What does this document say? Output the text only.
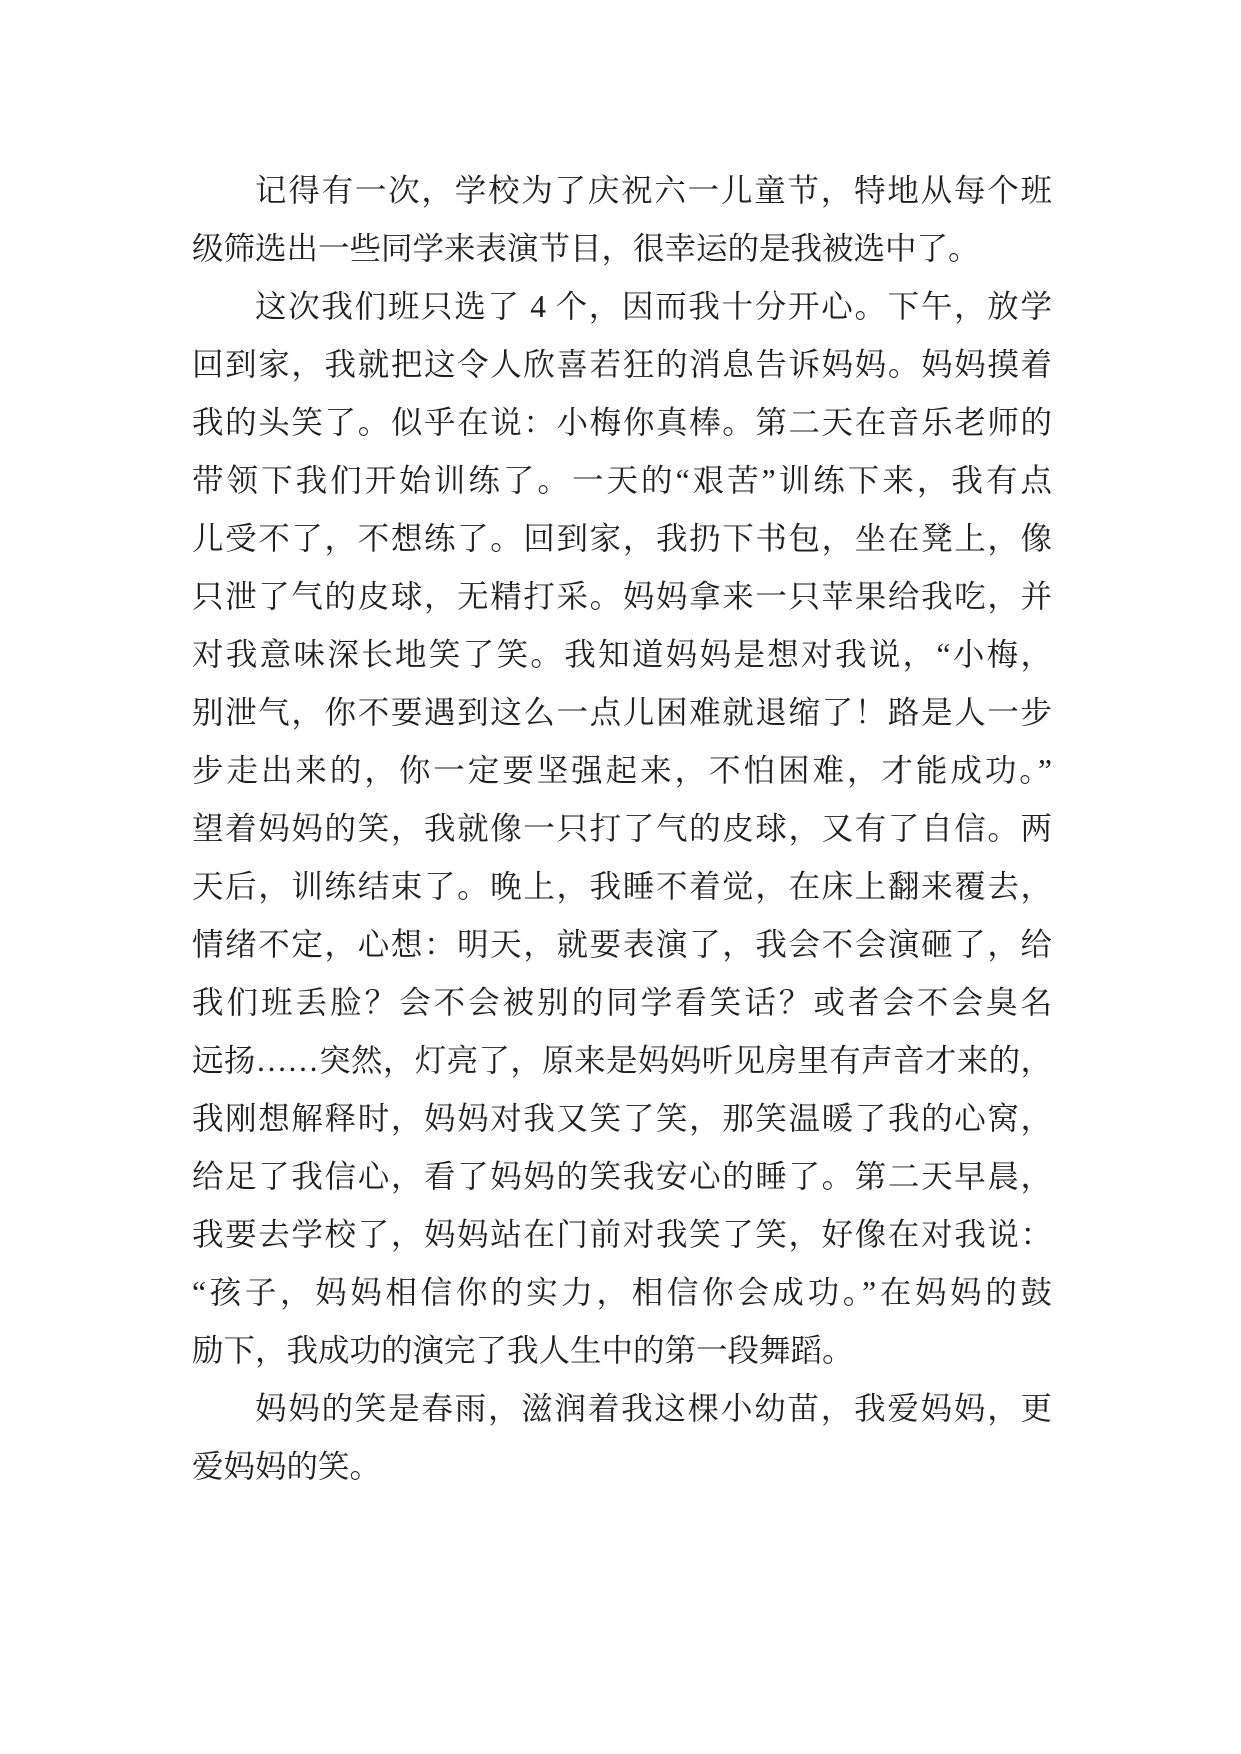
记得有一次，学校为了庆祝六一儿童节，特地从每个班
级筛选出一些同学来表演节目，很幸运的是我被选中了。
这次我们班只选了 4 个，因而我十分开心。下午，放学
回到家，我就把这令人欣喜若狂的消息告诉妈妈。妈妈摸着
我的头笑了。似乎在说：小梅你真棒。第二天在音乐老师的
带领下我们开始训练了。一天的“艰苦”训练下来，我有点
儿受不了，不想练了。回到家，我扔下书包，坐在凳上，像
只泄了气的皮球，无精打采。妈妈拿来一只苹果给我吃，并
对我意味深长地笑了笑。我知道妈妈是想对我说，“小梅，
别泄气，你不要遇到这么一点儿困难就退缩了！路是人一步
步走出来的，你一定要坚强起来，不怕困难，才能成功。”
望着妈妈的笑，我就像一只打了气的皮球，又有了自信。两
天后，训练结束了。晚上，我睡不着觉，在床上翻来覆去，
情绪不定，心想：明天，就要表演了，我会不会演砸了，给
我们班丢脸？会不会被别的同学看笑话？或者会不会臭名
远扬……突然，灯亮了，原来是妈妈听见房里有声音才来的，
我刚想解释时，妈妈对我又笑了笑，那笑温暖了我的心窝，
给足了我信心，看了妈妈的笑我安心的睡了。第二天早晨，
我要去学校了，妈妈站在门前对我笑了笑，好像在对我说：
“孩子，妈妈相信你的实力，相信你会成功。”在妈妈的鼓
励下，我成功的演完了我人生中的第一段舞蹈。
妈妈的笑是春雨，滋润着我这棵小幼苗，我爱妈妈，更
爱妈妈的笑。
